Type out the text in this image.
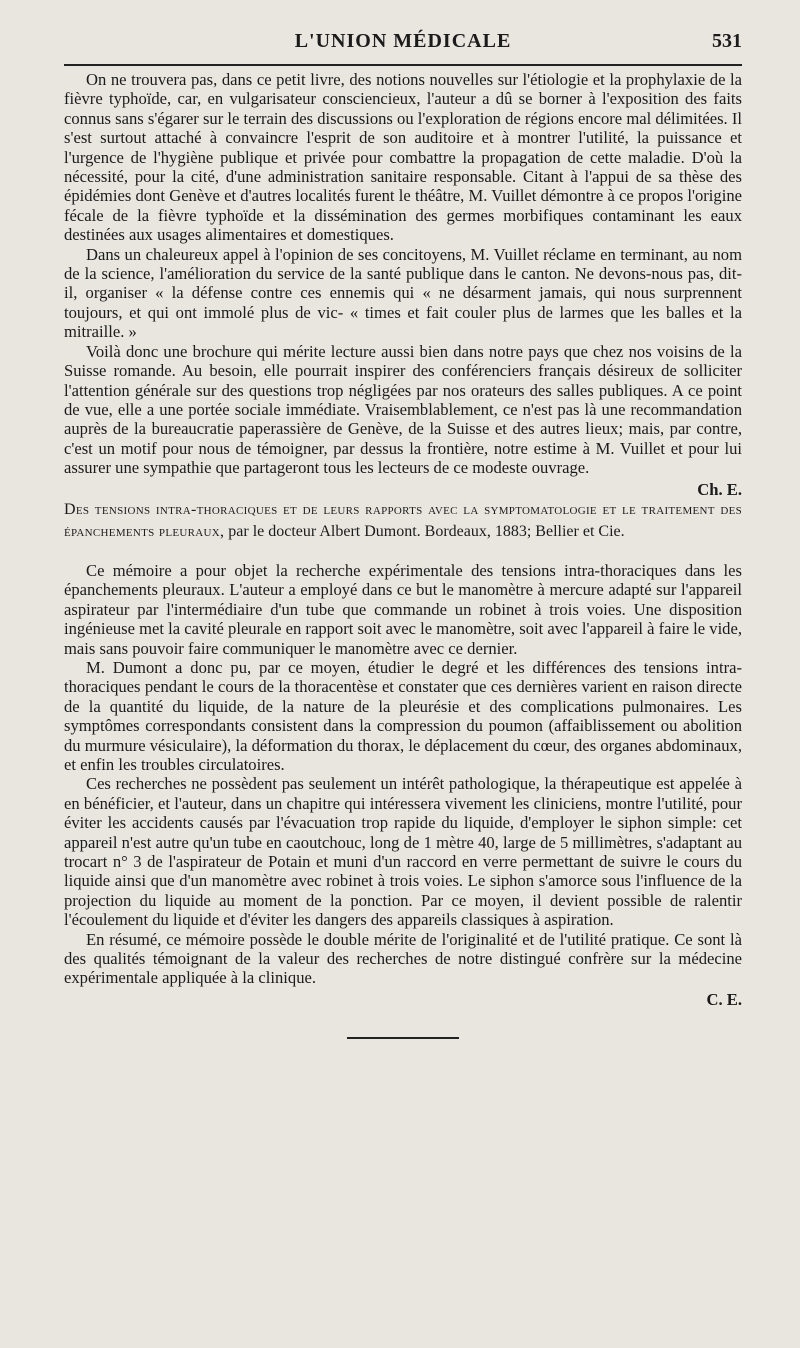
L'UNION MÉDICALE	531

On ne trouvera pas, dans ce petit livre, des notions nouvelles sur l'étiologie et la prophylaxie de la fièvre typhoïde, car, en vulgarisateur consciencieux, l'auteur a dû se borner à l'exposition des faits connus sans s'égarer sur le terrain des discussions ou l'exploration de régions encore mal délimitées. Il s'est surtout attaché à convaincre l'esprit de son auditoire et à montrer l'utilité, la puissance et l'urgence de l'hygiène publique et privée pour combattre la propagation de cette maladie. D'où la nécessité, pour la cité, d'une administration sanitaire responsable. Citant à l'appui de sa thèse des épidémies dont Genève et d'autres localités furent le théâtre, M. Vuillet démontre à ce propos l'origine fécale de la fièvre typhoïde et la dissémination des germes morbifiques contaminant les eaux destinées aux usages alimentaires et domestiques.

Dans un chaleureux appel à l'opinion de ses concitoyens, M. Vuillet réclame en terminant, au nom de la science, l'amélioration du service de la santé publique dans le canton. Ne devons-nous pas, dit-il, organiser « la défense contre ces ennemis qui « ne désarment jamais, qui nous surprennent toujours, et qui ont immolé plus de vic- « times et fait couler plus de larmes que les balles et la mitraille. »

Voilà donc une brochure qui mérite lecture aussi bien dans notre pays que chez nos voisins de la Suisse romande. Au besoin, elle pourrait inspirer des conférenciers français désireux de solliciter l'attention générale sur des questions trop négligées par nos orateurs des salles publiques. A ce point de vue, elle a une portée sociale immédiate. Vraisemblablement, ce n'est pas là une recommandation auprès de la bureaucratie paperassière de Genève, de la Suisse et des autres lieux; mais, par contre, c'est un motif pour nous de témoigner, par dessus la frontière, notre estime à M. Vuillet et pour lui assurer une sympathie que partageront tous les lecteurs de ce modeste ouvrage.

Ch. E.

Des tensions intra-thoraciques et de leurs rapports avec la symptomatologie et le traitement des épanchements pleuraux, par le docteur Albert Dumont. Bordeaux, 1883; Bellier et Cie.

Ce mémoire a pour objet la recherche expérimentale des tensions intra-thoraciques dans les épanchements pleuraux. L'auteur a employé dans ce but le manomètre à mercure adapté sur l'appareil aspirateur par l'intermédiaire d'un tube que commande un robinet à trois voies. Une disposition ingénieuse met la cavité pleurale en rapport soit avec le manomètre, soit avec l'appareil à faire le vide, mais sans pouvoir faire communiquer le manomètre avec ce dernier.

M. Dumont a donc pu, par ce moyen, étudier le degré et les différences des tensions intra-thoraciques pendant le cours de la thoracentèse et constater que ces dernières varient en raison directe de la quantité du liquide, de la nature de la pleurésie et des complications pulmonaires. Les symptômes correspondants consistent dans la compression du poumon (affaiblissement ou abolition du murmure vésiculaire), la déformation du thorax, le déplacement du cœur, des organes abdominaux, et enfin les troubles circulatoires.

Ces recherches ne possèdent pas seulement un intérêt pathologique, la thérapeutique est appelée à en bénéficier, et l'auteur, dans un chapitre qui intéressera vivement les cliniciens, montre l'utilité, pour éviter les accidents causés par l'évacuation trop rapide du liquide, d'employer le siphon simple: cet appareil n'est autre qu'un tube en caoutchouc, long de 1 mètre 40, large de 5 millimètres, s'adaptant au trocart n° 3 de l'aspirateur de Potain et muni d'un raccord en verre permettant de suivre le cours du liquide ainsi que d'un manomètre avec robinet à trois voies. Le siphon s'amorce sous l'influence de la projection du liquide au moment de la ponction. Par ce moyen, il devient possible de ralentir l'écoulement du liquide et d'éviter les dangers des appareils classiques à aspiration.

En résumé, ce mémoire possède le double mérite de l'originalité et de l'utilité pratique. Ce sont là des qualités témoignant de la valeur des recherches de notre distingué confrère sur la médecine expérimentale appliquée à la clinique.

C. E.
